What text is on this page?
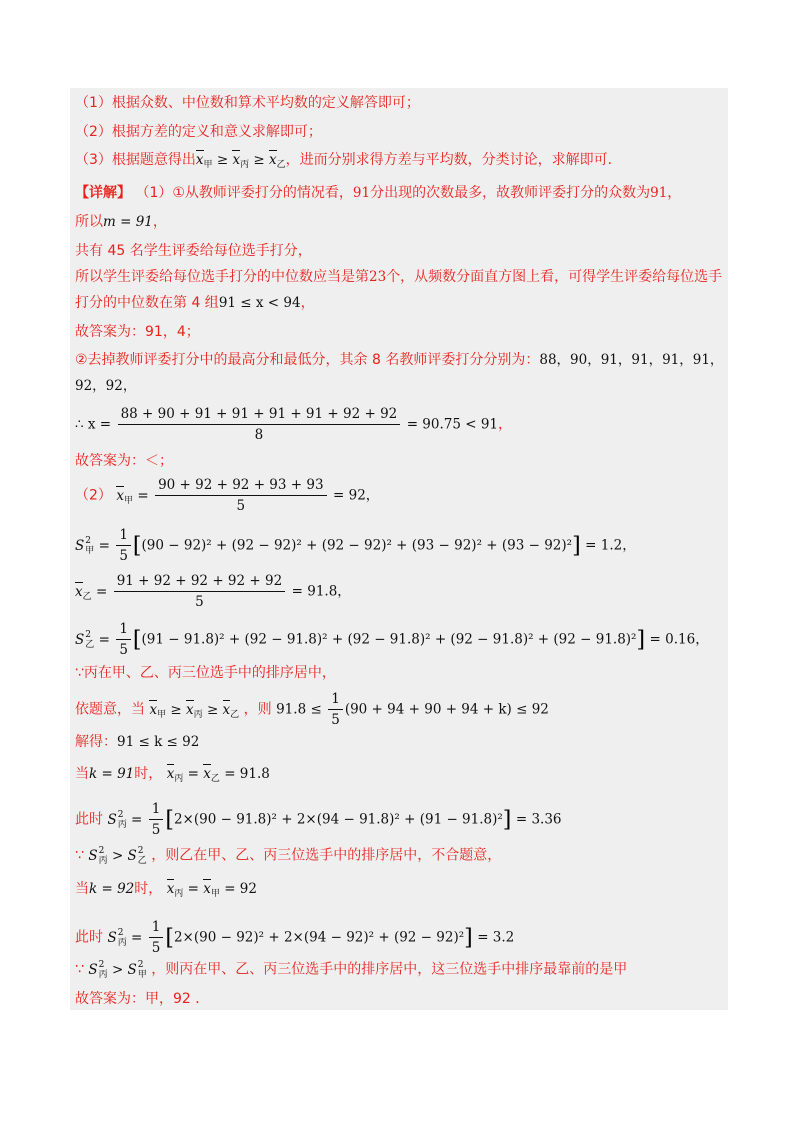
（1）根据众数、中位数和算术平均数的定义解答即可；
（2）根据方差的定义和意义求解即可；
（3）根据题意得出$x_甲 \ge x_丙 \ge x_乙$，进而分别求得方差与平均数，分类讨论，求解即可．
【详解】 （1）①从教师评委打分的情况看，91分出现的次数最多，故教师评委打分的众数为91，
所以m = 91，
共有 45 名学生评委给每位选手打分，
所以学生评委给每位选手打分的中位数应当是第23个，从频数分面直方图上看，可得学生评委给每位选手
打分的中位数在第 4 组91 ≤ x < 94，
故答案为：91，4；
②去掉教师评委打分中的最高分和最低分，其余 8 名教师评委打分分别为：88，90，91，91，91，91，
92，92，
∴ $x = \frac{88 + 90 + 91 + 91 + 91 + 91 + 92 + 92}{8} = 90.75 < 91$，
故答案为：＜；
（2） $x_甲 = \frac{90 + 92 + 92 + 93 + 93}{5} = 92$，
S 2
甲 = $\frac{1}{5} [(90 - 92)^2 + (92 - 92)^2 + (92 - 92)^2 + (93 - 92)^2 + (93 - 92)^2] = 1.2$，
$x_乙 = \frac{91 + 92 + 92 + 92 + 92}{5} = 91.8$，
S 2
乙 = $\frac{1}{5} [(91 - 91.8)^2 + (92 - 91.8)^2 + (92 - 91.8)^2 + (92 - 91.8)^2 + (92 - 91.8)^2] = 0.16$，
∵丙在甲、乙、丙三位选手中的排序居中，
依题意，当 $x_甲 \ge x_丙 \ge x_乙$ ，则 $91.8 \le \frac{1}{5} (90 + 94 + 90 + 94 + k) \le 92$
解得：91 ≤ k ≤ 92
当k = 91时， $x_丙 = x_乙 = 91.8$
此时 S 2
丙 = $\frac{1}{5} [2\times(90 - 91.8)^2 + 2\times(94 - 91.8)^2 + (91 - 91.8)^2] = 3.36$
∵ S 2
丙 > S 2
乙 ，则乙在甲、乙、丙三位选手中的排序居中，不合题意，
当k = 92时， $x_丙 = x_甲 = 92$
此时 S 2
丙 = $\frac{1}{5} [2\times(90 - 92)^2 + 2\times(94 - 92)^2 + (92 - 92)^2] = 3.2$
∵ S 2
丙 > S 2
甲 ，则丙在甲、乙、丙三位选手中的排序居中，这三位选手中排序最靠前的是甲
故答案为：甲，92 ．
